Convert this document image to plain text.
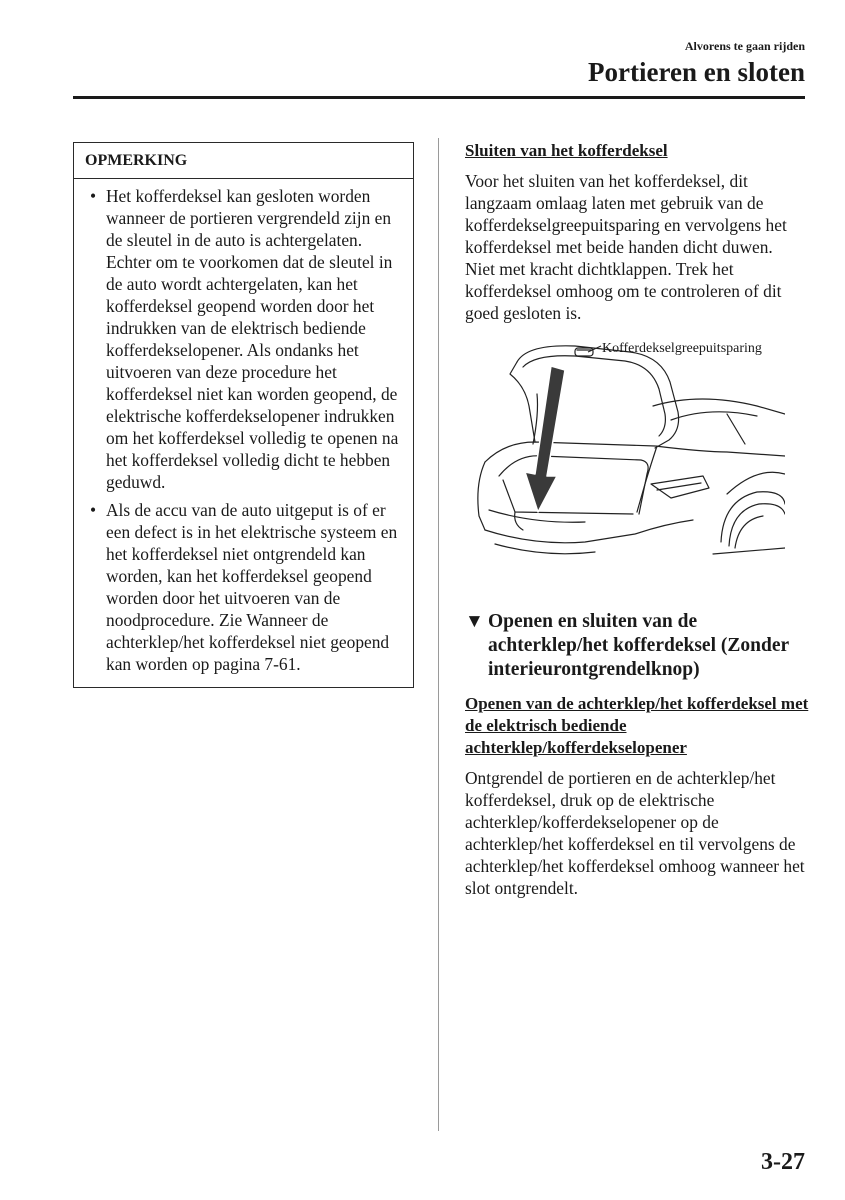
Alvorens te gaan rijden
Portieren en sloten
OPMERKING
• Het kofferdeksel kan gesloten worden wanneer de portieren vergrendeld zijn en de sleutel in de auto is achtergelaten. Echter om te voorkomen dat de sleutel in de auto wordt achtergelaten, kan het kofferdeksel geopend worden door het indrukken van de elektrisch bediende kofferdekselopener. Als ondanks het uitvoeren van deze procedure het kofferdeksel niet kan worden geopend, de elektrische kofferdekselopener indrukken om het kofferdeksel volledig te openen na het kofferdeksel volledig dicht te hebben geduwd.
• Als de accu van de auto uitgeput is of er een defect is in het elektrische systeem en het kofferdeksel niet ontgrendeld kan worden, kan het kofferdeksel geopend worden door het uitvoeren van de noodprocedure. Zie Wanneer de achterklep/het kofferdeksel niet geopend kan worden op pagina 7-61.
Sluiten van het kofferdeksel
Voor het sluiten van het kofferdeksel, dit langzaam omlaag laten met gebruik van de kofferdekselgreepuitsparing en vervolgens het kofferdeksel met beide handen dicht duwen.
Niet met kracht dichtklappen. Trek het kofferdeksel omhoog om te controleren of dit goed gesloten is.
Kofferdekselgreepuitsparing
▼ Openen en sluiten van de achterklep/het kofferdeksel (Zonder interieurontgrendelknop)
Openen van de achterklep/het kofferdeksel met de elektrisch bediende achterklep/kofferdekselopener
Ontgrendel de portieren en de achterklep/het kofferdeksel, druk op de elektrische achterklep/kofferdekselopener op de achterklep/het kofferdeksel en til vervolgens de achterklep/het kofferdeksel omhoog wanneer het slot ontgrendelt.
3-27
